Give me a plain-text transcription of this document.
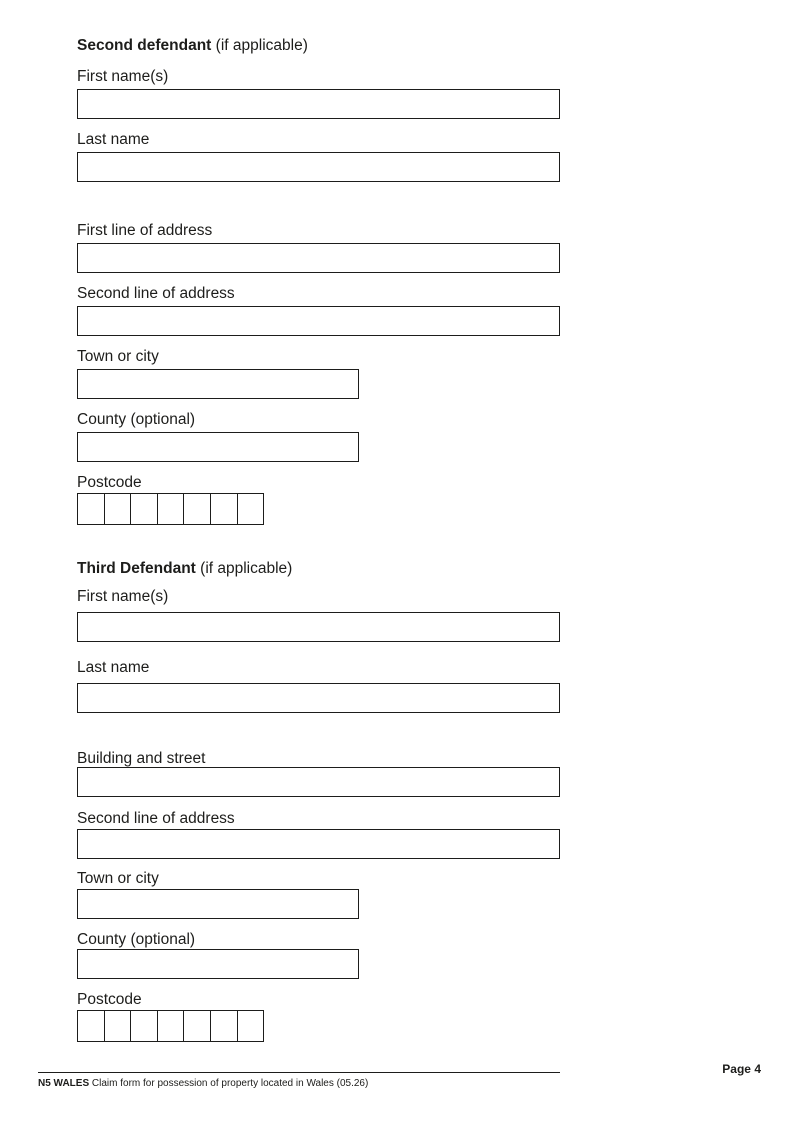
Second defendant (if applicable)
First name(s)
Last name
First line of address
Second line of address
Town or city
County (optional)
Postcode
Third Defendant (if applicable)
First name(s)
Last name
Building and street
Second line of address
Town or city
County (optional)
Postcode
Page 4
N5 WALES Claim form for possession of property located in Wales (05.26)
